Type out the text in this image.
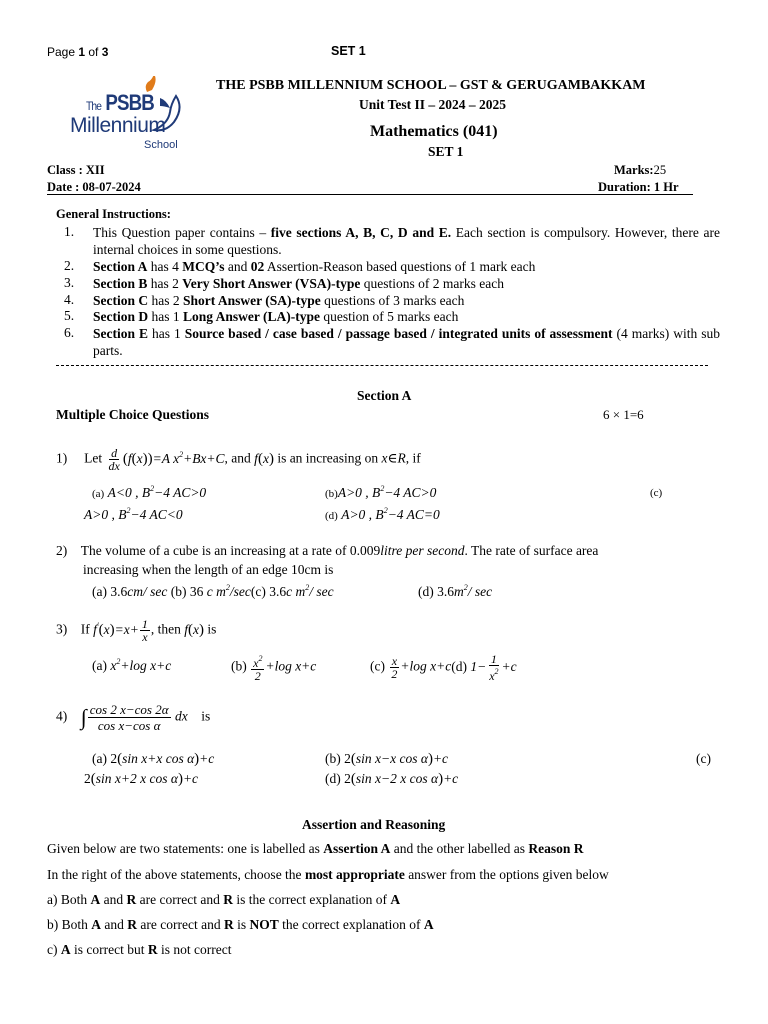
Page 1 of 3	SET 1
The PSBB
Millennium
School
THE PSBB MILLENNIUM SCHOOL – GST & GERUGAMBAKKAM
Unit Test II – 2024 – 2025
Mathematics (041)
SET 1
Class : XII	Marks:25
Date : 08-07-2024	Duration: 1 Hr
General Instructions:
1. This Question paper contains – five sections A, B, C, D and E. Each section is compulsory. However, there are internal choices in some questions.
2. Section A has 4 MCQ’s and 02 Assertion-Reason based questions of 1 mark each
3. Section B has 2 Very Short Answer (VSA)-type questions of 2 marks each
4. Section C has 2 Short Answer (SA)-type questions of 3 marks each
5. Section D has 1 Long Answer (LA)-type question of 5 marks each
6. Section E has 1 Source based / case based / passage based / integrated units of assessment (4 marks) with sub parts.
Section A
Multiple Choice Questions	6 × 1=6
1) Let $\frac{d}{dx} (f(x))=A$ $x^2+Bx+C$, and f(x) is an increasing on x∈R, if
(a) A<0 , $B^2-4$ AC>0	(b)A>0 , $B^2-4$ AC>0	(c)
A>0 , $B^2-4$ AC<0	(d) A>0 , $B^2-4$ AC=0
2) The volume of a cube is an increasing at a rate of 0.009litre per second. The rate of surface area
increasing when the length of an edge 10cm is
(a) 3.6cm/ sec (b) 36 c $m^2/\sec(c)$ 3.6c $m^2/$ sec	(d) $3.6m^2/$ sec
3) If $f'(x)=x+ \frac{1}{x}$ , then f(x) is
(a) $x^2+\log$ x+c	$(b) \frac{x^2}{2} +\log$ x+c	$(c) \frac{x}{2} +\log$ x+c(d) $1- \frac{1}{x^2} +c$
4) ∫ $\frac{\cos 2 x-\cos 2\alpha}{\text{cos x−cos α}}$ dx is
(a) 2(sin x+x cos α)+c	(b) 2(sin x−x cos α)+c	(c)
2(sin x+2 x cos α)+c	(d) 2(sin x−2 x cos α)+c
Assertion and Reasoning
Given below are two statements: one is labelled as Assertion A and the other labelled as Reason R
In the right of the above statements, choose the most appropriate answer from the options given below
a) Both A and R are correct and R is the correct explanation of A
b) Both A and R are correct and R is NOT the correct explanation of A
c) A is correct but R is not correct
